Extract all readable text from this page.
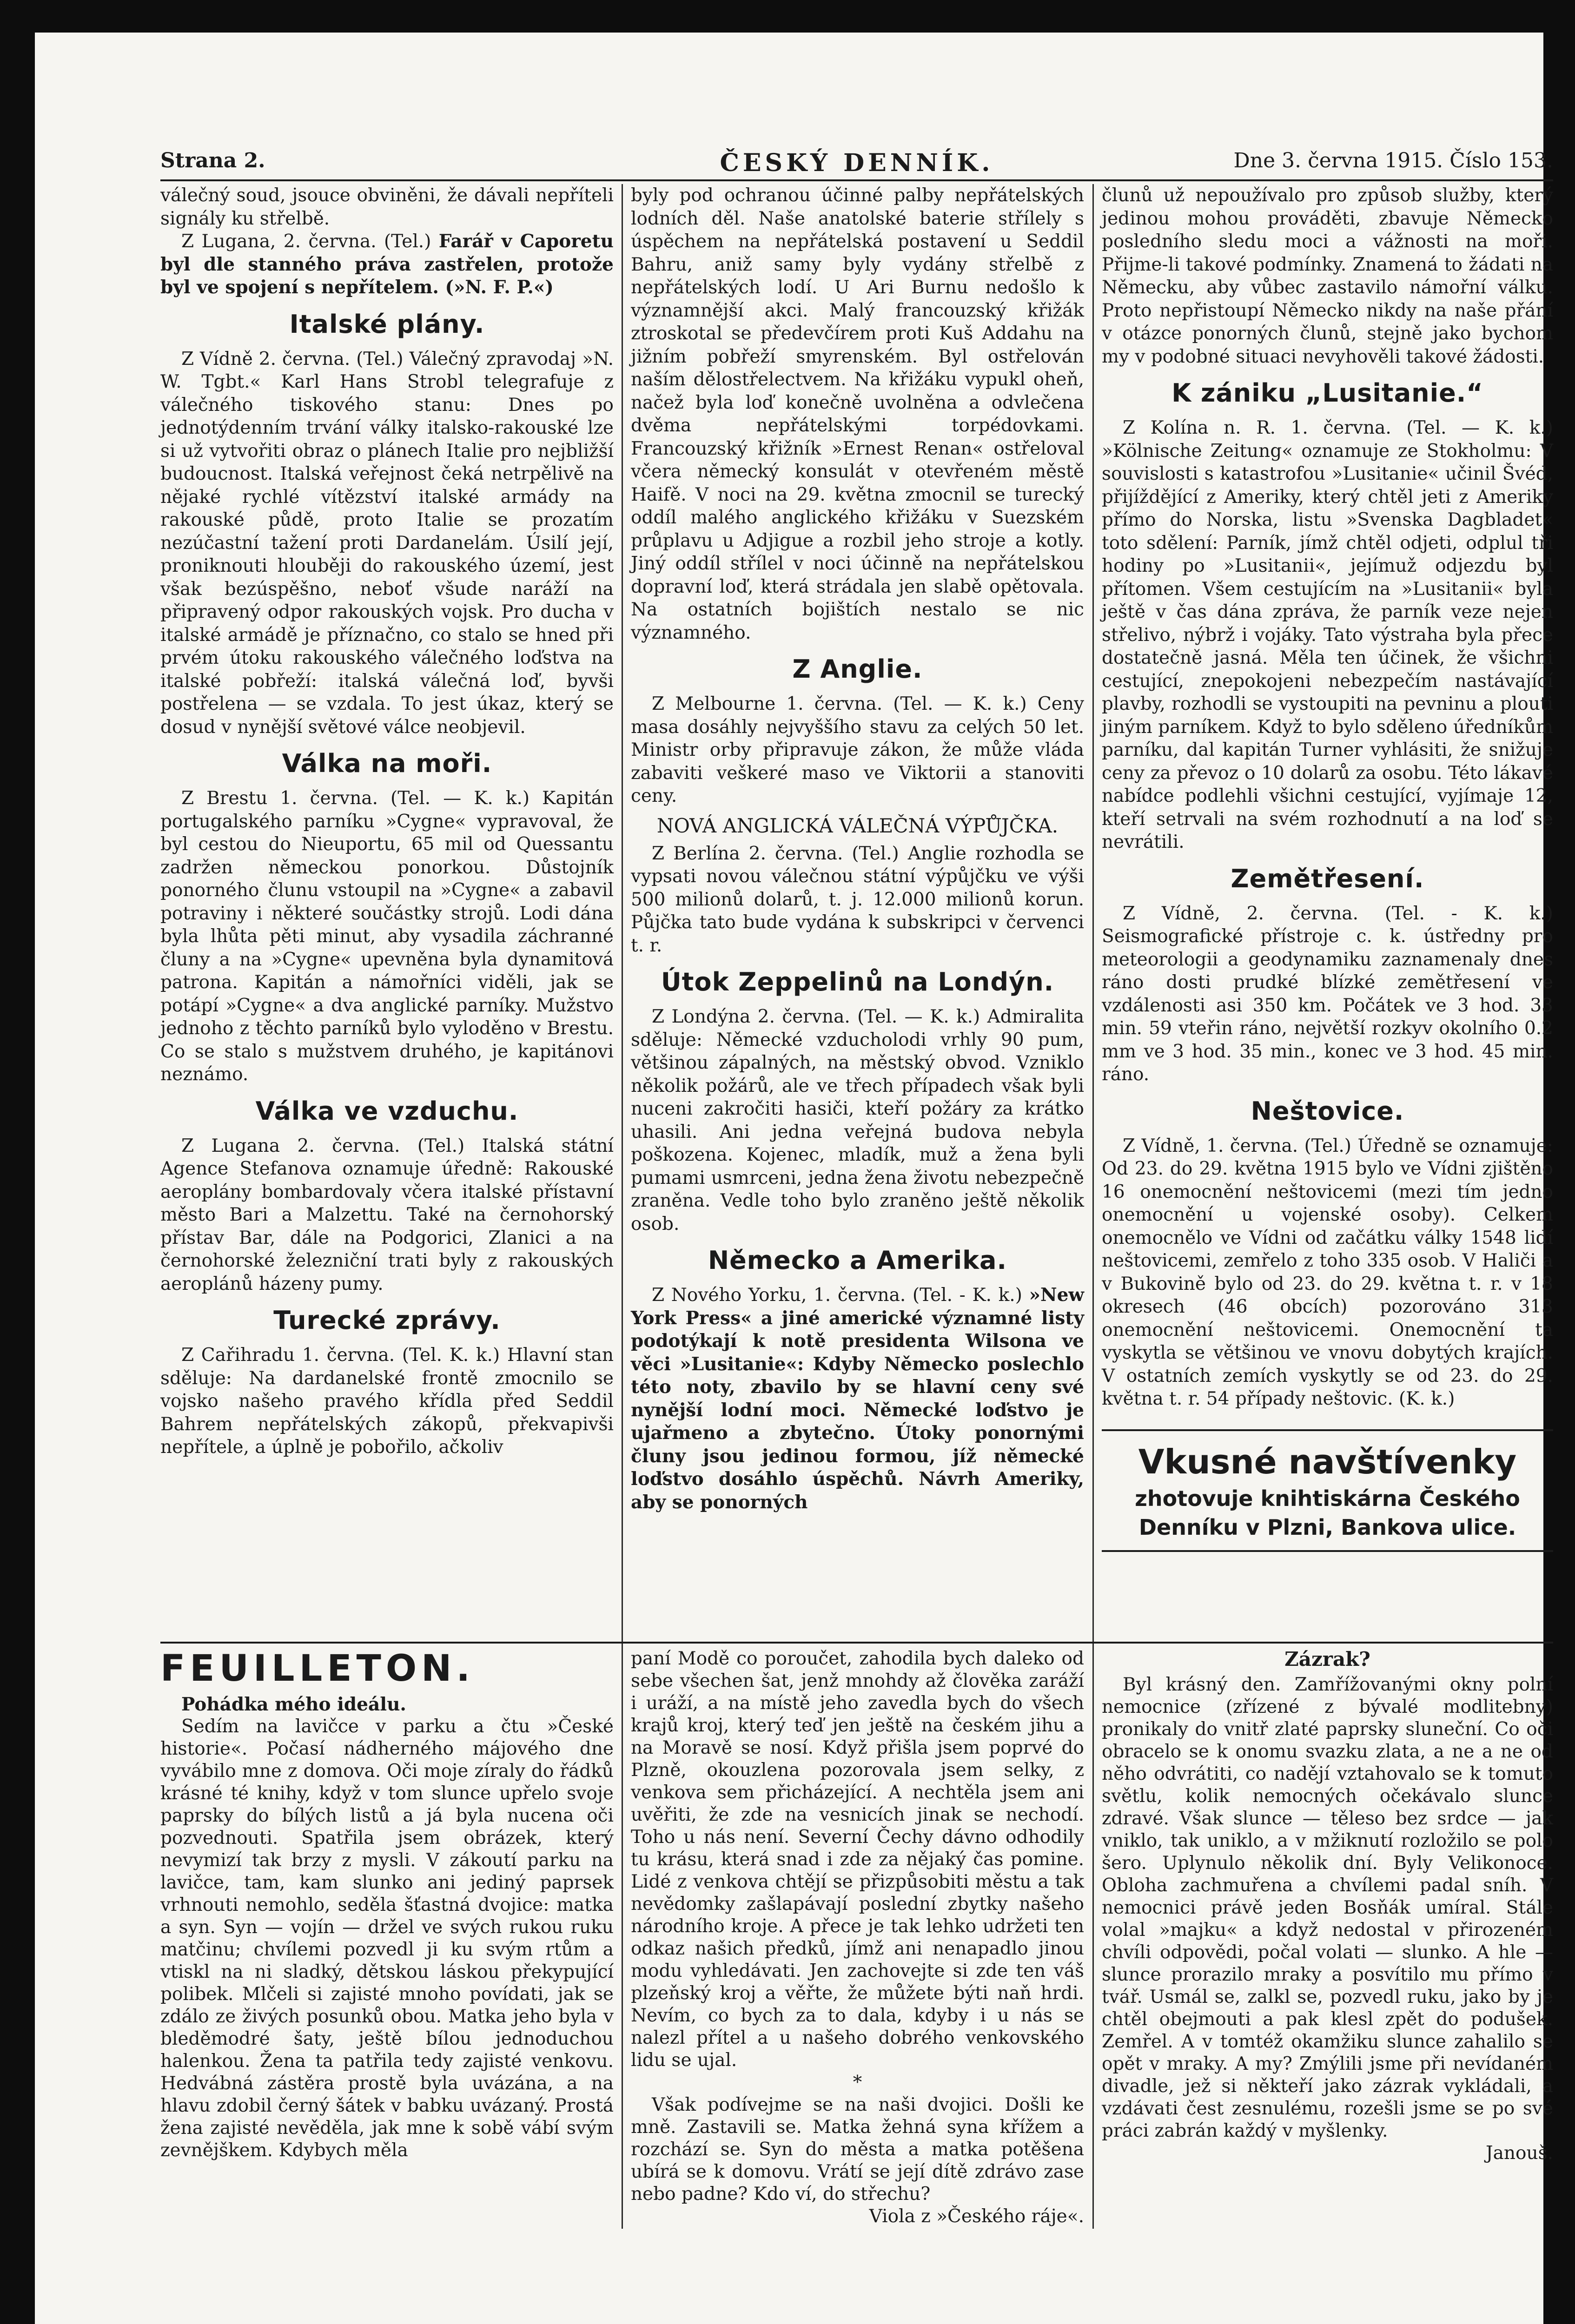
Strana 2.	ČESKÝ DENNÍK.	Dne 3. června 1915. Číslo 153.

válečný soud, jsouce obviněni, že dávali nepříteli signály ku střelbě.

Z Lugana, 2. června. (Tel.) Farář v Caporetu byl dle stanného práva zastřelen, protože byl ve spojení s nepřítelem. (»N. F. P.«)

Italské plány.

Z Vídně 2. června. (Tel.) Válečný zpravodaj »N. W. Tgbt.« Karl Hans Strobl telegrafuje z válečného tiskového stanu: Dnes po jednotýdenním trvání války italsko-rakouské lze si už vytvořiti obraz o plánech Italie pro nejbližší budoucnost. Italská veřejnost čeká netrpělivě na nějaké rychlé vítězství italské armády na rakouské půdě, proto Italie se prozatím nezúčastní tažení proti Dardanelám. Úsilí její, proniknouti hlouběji do rakouského území, jest však bezúspěšno, neboť všude naráží na připravený odpor rakouských vojsk. Pro ducha v italské armádě je příznačno, co stalo se hned při prvém útoku rakouského válečného loďstva na italské pobřeží: italská válečná loď, byvši postřelena — se vzdala. To jest úkaz, který se dosud v nynější světové válce neobjevil.

Válka na moři.

Z Brestu 1. června. (Tel. — K. k.) Kapitán portugalského parníku »Cygne« vypravoval, že byl cestou do Nieuportu, 65 mil od Quessantu zadržen německou ponorkou. Důstojník ponorného člunu vstoupil na »Cygne« a zabavil potraviny i některé součástky strojů. Lodi dána byla lhůta pěti minut, aby vysadila záchranné čluny a na »Cygne« upevněna byla dynamitová patrona. Kapitán a námořníci viděli, jak se potápí »Cygne« a dva anglické parníky. Mužstvo jednoho z těchto parníků bylo vyloděno v Brestu. Co se stalo s mužstvem druhého, je kapitánovi neznámo.

Válka ve vzduchu.

Z Lugana 2. června. (Tel.) Italská státní Agence Stefanova oznamuje úředně: Rakouské aeroplány bombardovaly včera italské přístavní město Bari a Malzettu. Také na černohorský přístav Bar, dále na Podgorici, Zlanici a na černohorské železniční trati byly z rakouských aeroplánů házeny pumy.

Turecké zprávy.

Z Cařihradu 1. června. (Tel. K. k.) Hlavní stan sděluje: Na dardanelské frontě zmocnilo se vojsko našeho pravého křídla před Seddil Bahrem nepřátelských zákopů, překvapivši nepřítele, a úplně je pobořilo, ačkoliv

byly pod ochranou účinné palby nepřátelských lodních děl. Naše anatolské baterie střílely s úspěchem na nepřátelská postavení u Seddil Bahru, aniž samy byly vydány střelbě z nepřátelských lodí. U Ari Burnu nedošlo k významnější akci. Malý francouzský křižák ztroskotal se předevčírem proti Kuš Addahu na jižním pobřeží smyrenském. Byl ostřelován naším dělostřelectvem. Na křižáku vypukl oheň, načež byla loď konečně uvolněna a odvlečena dvěma nepřátelskými torpédovkami. Francouzský křižník »Ernest Renan« ostřeloval včera německý konsulát v otevřeném městě Haifě. V noci na 29. května zmocnil se turecký oddíl malého anglického křižáku v Suezském průplavu u Adjigue a rozbil jeho stroje a kotly. Jiný oddíl střílel v noci účinně na nepřátelskou dopravní loď, která strádala jen slabě opětovala. Na ostatních bojištích nestalo se nic významného.

Z Anglie.

Z Melbourne 1. června. (Tel. — K. k.) Ceny masa dosáhly nejvyššího stavu za celých 50 let. Ministr orby připravuje zákon, že může vláda zabaviti veškeré maso ve Viktorii a stanoviti ceny.

NOVÁ ANGLICKÁ VÁLEČNÁ VÝPŮJČKA.

Z Berlína 2. června. (Tel.) Anglie rozhodla se vypsati novou válečnou státní výpůjčku ve výši 500 milionů dolarů, t. j. 12.000 milionů korun. Půjčka tato bude vydána k subskripci v červenci t. r.

Útok Zeppelinů na Londýn.

Z Londýna 2. června. (Tel. — K. k.) Admiralita sděluje: Německé vzducholodi vrhly 90 pum, většinou zápalných, na městský obvod. Vzniklo několik požárů, ale ve třech případech však byli nuceni zakročiti hasiči, kteří požáry za krátko uhasili. Ani jedna veřejná budova nebyla poškozena. Kojenec, mladík, muž a žena byli pumami usmrceni, jedna žena životu nebezpečně zraněna. Vedle toho bylo zraněno ještě několik osob.

Německo a Amerika.

Z Nového Yorku, 1. června. (Tel. - K. k.) »New York Press« a jiné americké významné listy podotýkají k notě presidenta Wilsona ve věci »Lusitanie«: Kdyby Německo poslechlo této noty, zbavilo by se hlavní ceny své nynější lodní moci. Německé loďstvo je ujařmeno a zbytečno. Útoky ponornými čluny jsou jedinou formou, jíž německé loďstvo dosáhlo úspěchů. Návrh Ameriky, aby se ponorných

člunů už nepoužívalo pro způsob služby, který jedinou mohou prováděti, zbavuje Německo posledního sledu moci a vážnosti na moři. Přijme-li takové podmínky. Znamená to žádati na Německu, aby vůbec zastavilo námořní válku. Proto nepřistoupí Německo nikdy na naše přání v otázce ponorných člunů, stejně jako bychom my v podobné situaci nevyhověli takové žádosti.

K zániku „Lusitanie.“

Z Kolína n. R. 1. června. (Tel. — K. k.) »Kölnische Zeitung« oznamuje ze Stokholmu: V souvislosti s katastrofou »Lusitanie« učinil Švéd, přijíždějící z Ameriky, který chtěl jeti z Ameriky přímo do Norska, listu »Svenska Dagbladet« toto sdělení: Parník, jímž chtěl odjeti, odplul tři hodiny po »Lusitanii«, jejímuž odjezdu byl přítomen. Všem cestujícím na »Lusitanii« byla ještě v čas dána zpráva, že parník veze nejen střelivo, nýbrž i vojáky. Tato výstraha byla přece dostatečně jasná. Měla ten účinek, že všichni cestující, znepokojeni nebezpečím nastávající plavby, rozhodli se vystoupiti na pevninu a plouti jiným parníkem. Když to bylo sděleno úředníkům parníku, dal kapitán Turner vyhlásiti, že snižuje ceny za převoz o 10 dolarů za osobu. Této lákavé nabídce podlehli všichni cestující, vyjímaje 12, kteří setrvali na svém rozhodnutí a na loď se nevrátili.

Zemětřesení.

Z Vídně, 2. června. (Tel. - K. k.) Seismografické přístroje c. k. ústředny pro meteorologii a geodynamiku zaznamenaly dnes ráno dosti prudké blízké zemětřesení ve vzdálenosti asi 350 km. Počátek ve 3 hod. 33 min. 59 vteřin ráno, největší rozkyv okolního 0.2 mm ve 3 hod. 35 min., konec ve 3 hod. 45 min. ráno.

Neštovice.

Z Vídně, 1. června. (Tel.) Úředně se oznamuje: Od 23. do 29. května 1915 bylo ve Vídni zjištěno 16 onemocnění neštovicemi (mezi tím jedno onemocnění u vojenské osoby). Celkem onemocnělo ve Vídni od začátku války 1548 lidí neštovicemi, zemřelo z toho 335 osob. V Haliči a v Bukovině bylo od 23. do 29. května t. r. v 18 okresech (46 obcích) pozorováno 313 onemocnění neštovicemi. Onemocnění ta vyskytla se většinou ve vnovu dobytých krajích. V ostatních zemích vyskytly se od 23. do 29. května t. r. 54 případy neštovic. (K. k.)

Vkusné navštívenky
zhotovuje knihtiskárna Českého Denníku v Plzni, Bankova ulice.
FEUILLETON.

Pohádka mého ideálu.

Sedím na lavičce v parku a čtu »České historie«. Počasí nádherného májového dne vyvábilo mne z domova. Oči moje zíraly do řádků krásné té knihy, když v tom slunce upřelo svoje paprsky do bílých listů a já byla nucena oči pozvednouti. Spatřila jsem obrázek, který nevymizí tak brzy z mysli. V zákoutí parku na lavičce, tam, kam slunko ani jediný paprsek vrhnouti nemohlo, seděla šťastná dvojice: matka a syn. Syn — vojín — držel ve svých rukou ruku matčinu; chvílemi pozvedl ji ku svým rtům a vtiskl na ni sladký, dětskou láskou překypující polibek. Mlčeli si zajisté mnoho povídati, jak se zdálo ze živých posunků obou. Matka jeho byla v bleděmodré šaty, ještě bílou jednoduchou halenkou. Žena ta patřila tedy zajisté venkovu. Hedvábná zástěra prostě byla uvázána, a na hlavu zdobil černý šátek v babku uvázaný. Prostá žena zajisté nevěděla, jak mne k sobě vábí svým zevnějškem. Kdybych měla

paní Modě co poroučet, zahodila bych daleko od sebe všechen šat, jenž mnohdy až člověka zaráží i uráží, a na místě jeho zavedla bych do všech krajů kroj, který teď jen ještě na českém jihu a na Moravě se nosí. Když přišla jsem poprvé do Plzně, okouzlena pozorovala jsem selky, z venkova sem přicházející. A nechtěla jsem ani uvěřiti, že zde na vesnicích jinak se nechodí. Toho u nás není. Severní Čechy dávno odhodily tu krásu, která snad i zde za nějaký čas pomine. Lidé z venkova chtějí se přizpůsobiti městu a tak nevědomky zašlapávají poslední zbytky našeho národního kroje. A přece je tak lehko udržeti ten odkaz našich předků, jímž ani nenapadlo jinou modu vyhledávati. Jen zachovejte si zde ten váš plzeňský kroj a věřte, že můžete býti naň hrdi. Nevím, co bych za to dala, kdyby i u nás se nalezl přítel a u našeho dobrého venkovského lidu se ujal.

*

Však podívejme se na naši dvojici. Došli ke mně. Zastavili se. Matka žehná syna křížem a rozchází se. Syn do města a matka potěšena ubírá se k domovu. Vrátí se její dítě zdrávo zase nebo padne? Kdo ví, do střechu?

Viola z »Českého ráje«.

Zázrak?

Byl krásný den. Zamřížovanými okny polní nemocnice (zřízené z bývalé modlitebny) pronikaly do vnitř zlaté paprsky sluneční. Co oči obracelo se k onomu svazku zlata, a ne a ne od něho odvrátiti, co nadějí vztahovalo se k tomuto světlu, kolik nemocných očekávalo slunce zdravé. Však slunce — těleso bez srdce — jak vniklo, tak uniklo, a v mžiknutí rozložilo se polo šero. Uplynulo několik dní. Byly Velikonoce. Obloha zachmuřena a chvílemi padal sníh. V nemocnici právě jeden Bosňák umíral. Stále volal »majku« a když nedostal v přirozeném chvíli odpovědi, počal volati — slunko. A hle — slunce prorazilo mraky a posvítilo mu přímo v tvář. Usmál se, zalkl se, pozvedl ruku, jako by je chtěl obejmouti a pak klesl zpět do podušek. Zemřel. A v tomtéž okamžiku slunce zahalilo se opět v mraky. A my? Zmýlili jsme při nevídaném divadle, jež si někteří jako zázrak vykládali, a vzdávati čest zesnulému, rozešli jsme se po své práci zabrán každý v myšlenky.

Janouš.
